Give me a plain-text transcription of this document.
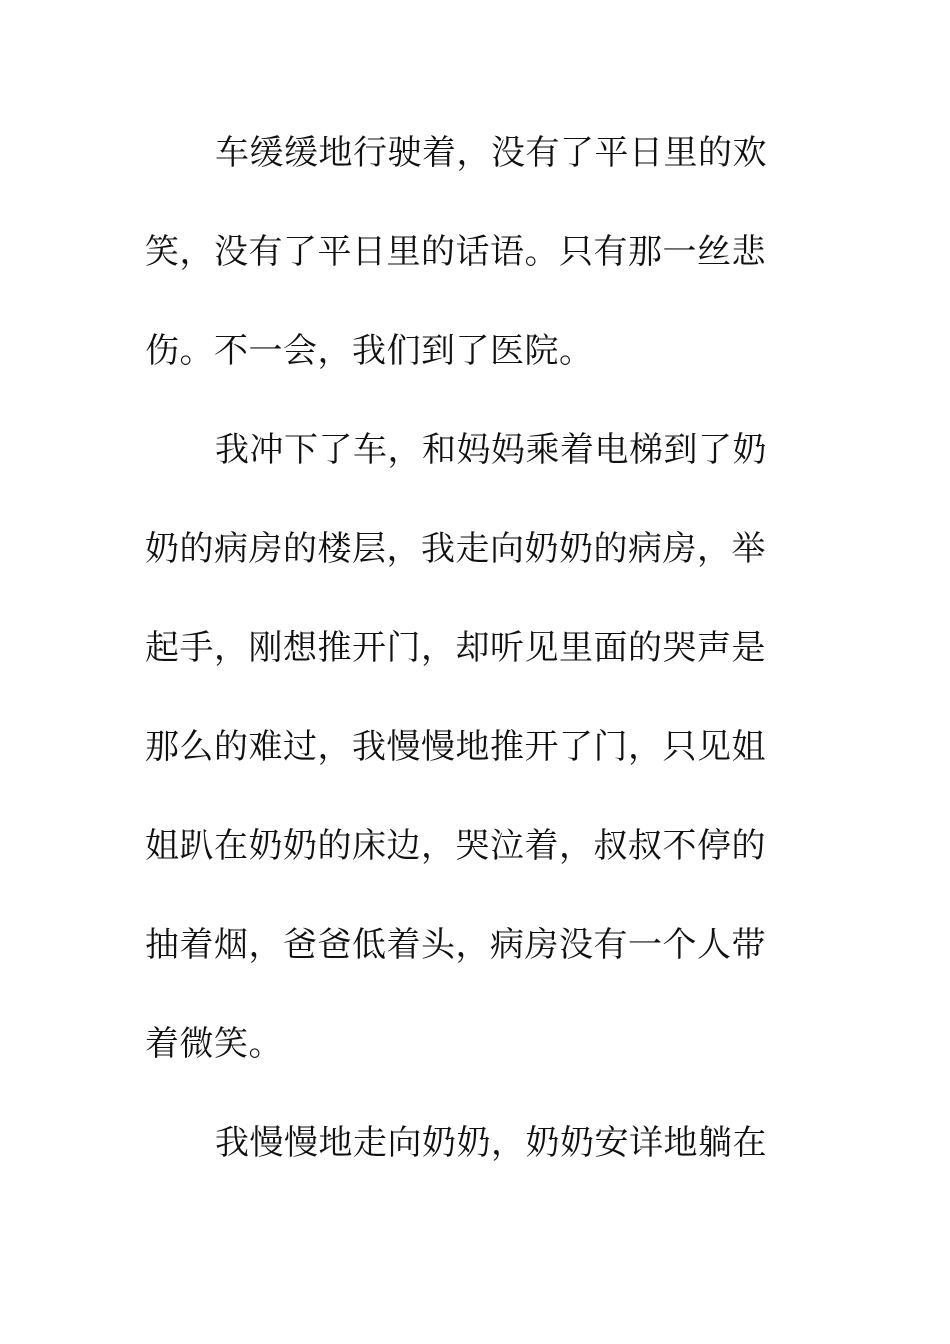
车缓缓地行驶着，没有了平日里的欢
笑，没有了平日里的话语。只有那一丝悲
伤。不一会，我们到了医院。
我冲下了车，和妈妈乘着电梯到了奶
奶的病房的楼层，我走向奶奶的病房，举
起手，刚想推开门，却听见里面的哭声是
那么的难过，我慢慢地推开了门，只见姐
姐趴在奶奶的床边，哭泣着，叔叔不停的
抽着烟，爸爸低着头，病房没有一个人带
着微笑。
我慢慢地走向奶奶，奶奶安详地躺在
